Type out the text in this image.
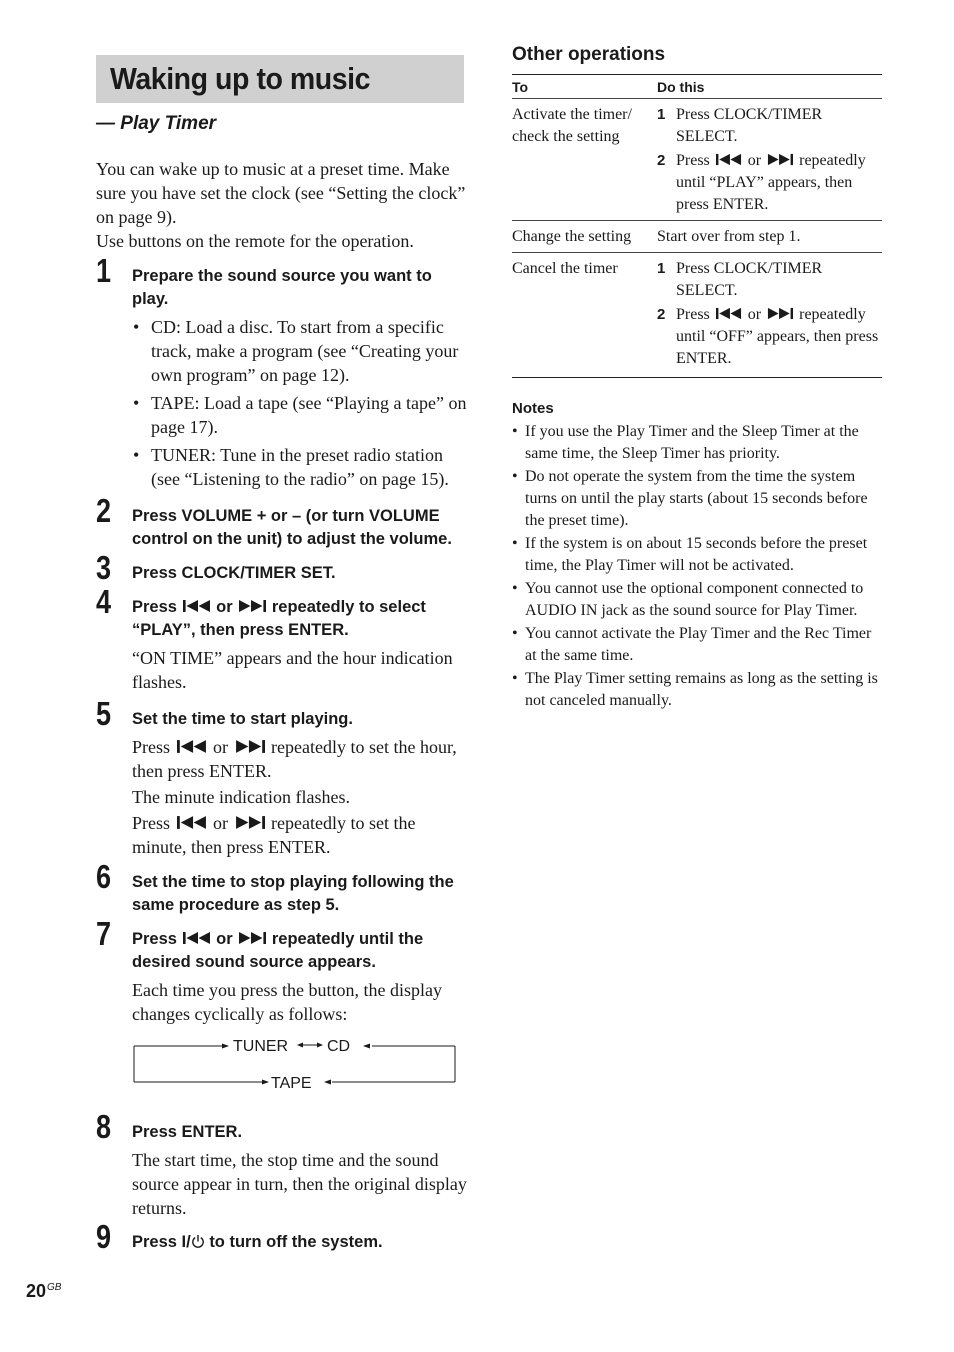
Waking up to music
— Play Timer

You can wake up to music at a preset time. Make sure you have set the clock (see “Setting the clock” on page 9).

Use buttons on the remote for the operation.

1 Prepare the sound source you want to play.
• CD: Load a disc. To start from a specific track, make a program (see “Creating your own program” on page 12).
• TAPE: Load a tape (see “Playing a tape” on page 17).
• TUNER: Tune in the preset radio station (see “Listening to the radio” on page 15).
2 Press VOLUME + or – (or turn VOLUME control on the unit) to adjust the volume.
3 Press CLOCK/TIMER SET.
4 Press or repeatedly to select “PLAY”, then press ENTER.
“ON TIME” appears and the hour indication flashes.
5 Set the time to start playing.

Press or repeatedly to set the hour, then press ENTER.

The minute indication flashes.

Press or repeatedly to set the minute, then press ENTER.

6 Set the time to stop playing following the same procedure as step 5.
7 Press or repeatedly until the desired sound source appears.
Each time you press the button, the display changes cyclically as follows:
TUNER CD
TAPE
8 Press ENTER.
The start time, the stop time and the sound source appear in turn, then the original display returns.
9 Press I/ to turn off the system.
$20^{GB}$
Other operations
To	Do this
Activate the timer/ check the setting	1 Press CLOCK/TIMER SELECT.
2 Press or repeatedly until “PLAY” appears, then press ENTER.

Change the setting	Start over from step 1.
Cancel the timer	1 Press CLOCK/TIMER SELECT.
2 Press or repeatedly until “OFF” appears, then press ENTER.
Notes
• If you use the Play Timer and the Sleep Timer at the same time, the Sleep Timer has priority.
• Do not operate the system from the time the system turns on until the play starts (about 15 seconds before the preset time).
• If the system is on about 15 seconds before the preset time, the Play Timer will not be activated.
• You cannot use the optional component connected to AUDIO IN jack as the sound source for Play Timer.
• You cannot activate the Play Timer and the Rec Timer at the same time.
• The Play Timer setting remains as long as the setting is not canceled manually.
